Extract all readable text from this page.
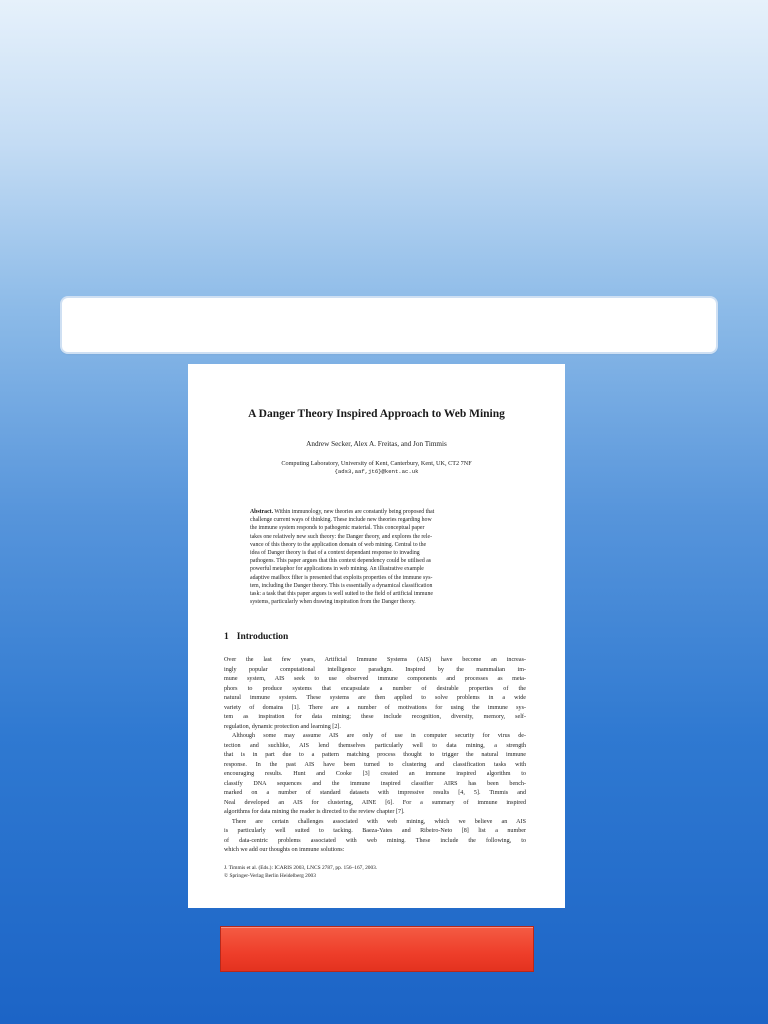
A Danger Theory Inspired Approach to Web Mining
Andrew Secker, Alex A. Freitas, and Jon Timmis
Computing Laboratory, University of Kent, Canterbury, Kent, UK, CT2 7NF
{ads3,aaf,jt6}@kent.ac.uk
Abstract. Within immunology, new theories are constantly being proposed that
challenge current ways of thinking. These include new theories regarding how
the immune system responds to pathogenic material. This conceptual paper
takes one relatively new such theory: the Danger theory, and explores the rele-
vance of this theory to the application domain of web mining. Central to the
idea of Danger theory is that of a context dependant response to invading
pathogens. This paper argues that this context dependency could be utilised as
powerful metaphor for applications in web mining. An illustrative example
adaptive mailbox filter is presented that exploits properties of the immune sys-
tem, including the Danger theory. This is essentially a dynamical classification
task: a task that this paper argues is well suited to the field of artificial immune
systems, particularly when drawing inspiration from the Danger theory.
1 Introduction
Over the last few years, Artificial Immune Systems (AIS) have become an increas-
ingly popular computational intelligence paradigm. Inspired by the mammalian im-
mune system, AIS seek to use observed immune components and processes as meta-
phors to produce systems that encapsulate a number of desirable properties of the
natural immune system. These systems are then applied to solve problems in a wide
variety of domains [1]. There are a number of motivations for using the immune sys-
tem as inspiration for data mining; these include recognition, diversity, memory, self-
regulation, dynamic protection and learning [2].
Although some may assume AIS are only of use in computer security for virus de-
tection and suchlike, AIS lend themselves particularly well to data mining, a strength
that is in part due to a pattern matching process thought to trigger the natural immune
response. In the past AIS have been turned to clustering and classification tasks with
encouraging results. Hunt and Cooke [3] created an immune inspired algorithm to
classify DNA sequences and the immune inspired classifier AIRS has been bench-
marked on a number of standard datasets with impressive results [4, 5]. Timmis and
Neal developed an AIS for clustering, AINE [6]. For a summary of immune inspired
algorithms for data mining the reader is directed to the review chapter [7].
There are certain challenges associated with web mining, which we believe an AIS
is particularly well suited to tacking. Baeza-Yates and Ribeiro-Neto [8] list a number
of data-centric problems associated with web mining. These include the following, to
which we add our thoughts on immune solutions:
J. Timmis et al. (Eds.): ICARIS 2003, LNCS 2787, pp. 156–167, 2003.
© Springer-Verlag Berlin Heidelberg 2003
